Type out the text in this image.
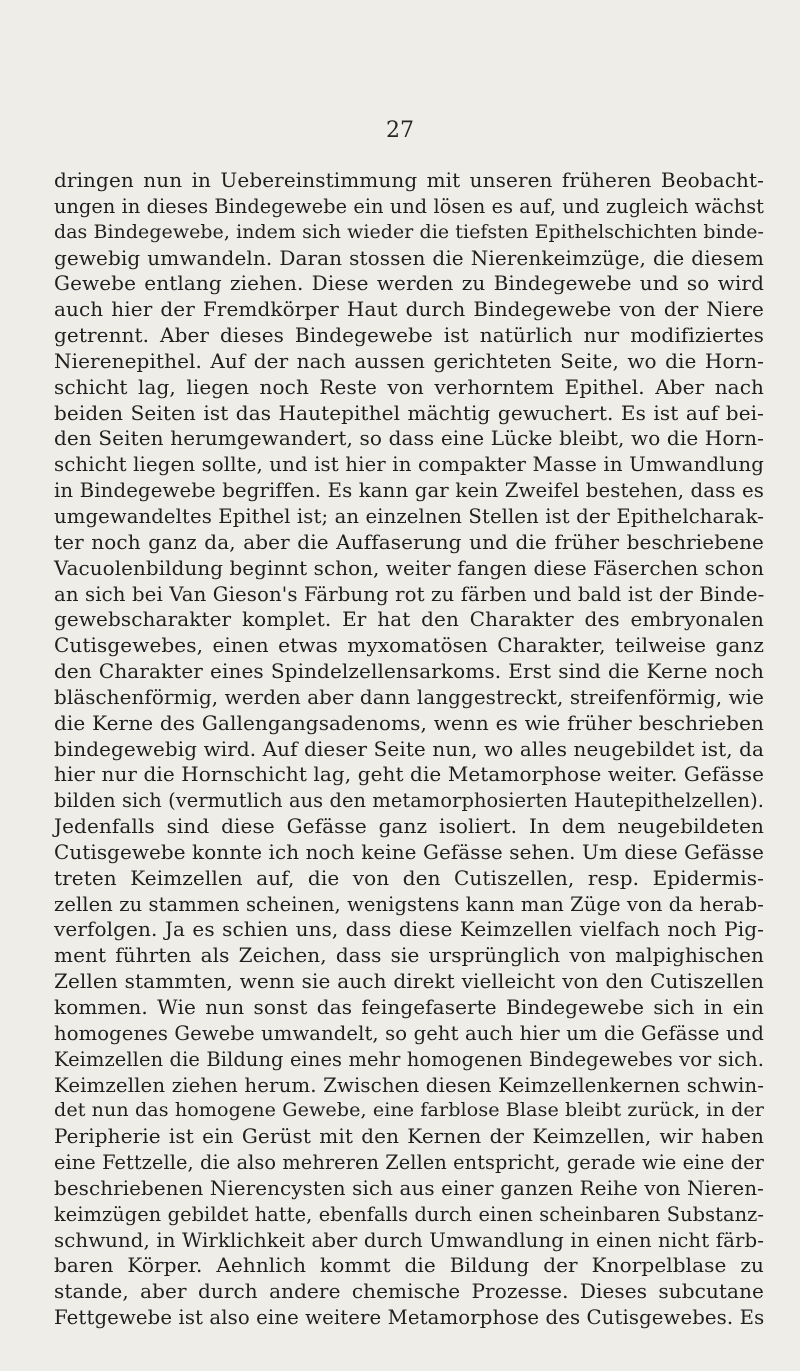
27
dringen nun in Uebereinstimmung mit unseren früheren Beobacht-
ungen in dieses Bindegewebe ein und lösen es auf, und zugleich wächst
das Bindegewebe, indem sich wieder die tiefsten Epithelschichten binde-
gewebig umwandeln. Daran stossen die Nierenkeimzüge, die diesem
Gewebe entlang ziehen. Diese werden zu Bindegewebe und so wird
auch hier der Fremdkörper Haut durch Bindegewebe von der Niere
getrennt. Aber dieses Bindegewebe ist natürlich nur modifiziertes
Nierenepithel. Auf der nach aussen gerichteten Seite, wo die Horn-
schicht lag, liegen noch Reste von verhorntem Epithel. Aber nach
beiden Seiten ist das Hautepithel mächtig gewuchert. Es ist auf bei-
den Seiten herumgewandert, so dass eine Lücke bleibt, wo die Horn-
schicht liegen sollte, und ist hier in compakter Masse in Umwandlung
in Bindegewebe begriffen. Es kann gar kein Zweifel bestehen, dass es
umgewandeltes Epithel ist; an einzelnen Stellen ist der Epithelcharak-
ter noch ganz da, aber die Auffaserung und die früher beschriebene
Vacuolenbildung beginnt schon, weiter fangen diese Fäserchen schon
an sich bei Van Gieson's Färbung rot zu färben und bald ist der Binde-
gewebscharakter komplet. Er hat den Charakter des embryonalen
Cutisgewebes, einen etwas myxomatösen Charakter, teilweise ganz
den Charakter eines Spindelzellensarkoms. Erst sind die Kerne noch
bläschenförmig, werden aber dann langgestreckt, streifenförmig, wie
die Kerne des Gallengangsadenoms, wenn es wie früher beschrieben
bindegewebig wird. Auf dieser Seite nun, wo alles neugebildet ist, da
hier nur die Hornschicht lag, geht die Metamorphose weiter. Gefässe
bilden sich (vermutlich aus den metamorphosierten Hautepithelzellen).
Jedenfalls sind diese Gefässe ganz isoliert. In dem neugebildeten
Cutisgewebe konnte ich noch keine Gefässe sehen. Um diese Gefässe
treten Keimzellen auf, die von den Cutiszellen, resp. Epidermis-
zellen zu stammen scheinen, wenigstens kann man Züge von da herab-
verfolgen. Ja es schien uns, dass diese Keimzellen vielfach noch Pig-
ment führten als Zeichen, dass sie ursprünglich von malpighischen
Zellen stammten, wenn sie auch direkt vielleicht von den Cutiszellen
kommen. Wie nun sonst das feingefaserte Bindegewebe sich in ein
homogenes Gewebe umwandelt, so geht auch hier um die Gefässe und
Keimzellen die Bildung eines mehr homogenen Bindegewebes vor sich.
Keimzellen ziehen herum. Zwischen diesen Keimzellenkernen schwin-
det nun das homogene Gewebe, eine farblose Blase bleibt zurück, in der
Peripherie ist ein Gerüst mit den Kernen der Keimzellen, wir haben
eine Fettzelle, die also mehreren Zellen entspricht, gerade wie eine der
beschriebenen Nierencysten sich aus einer ganzen Reihe von Nieren-
keimzügen gebildet hatte, ebenfalls durch einen scheinbaren Substanz-
schwund, in Wirklichkeit aber durch Umwandlung in einen nicht färb-
baren Körper. Aehnlich kommt die Bildung der Knorpelblase zu
stande, aber durch andere chemische Prozesse. Dieses subcutane
Fettgewebe ist also eine weitere Metamorphose des Cutisgewebes. Es
